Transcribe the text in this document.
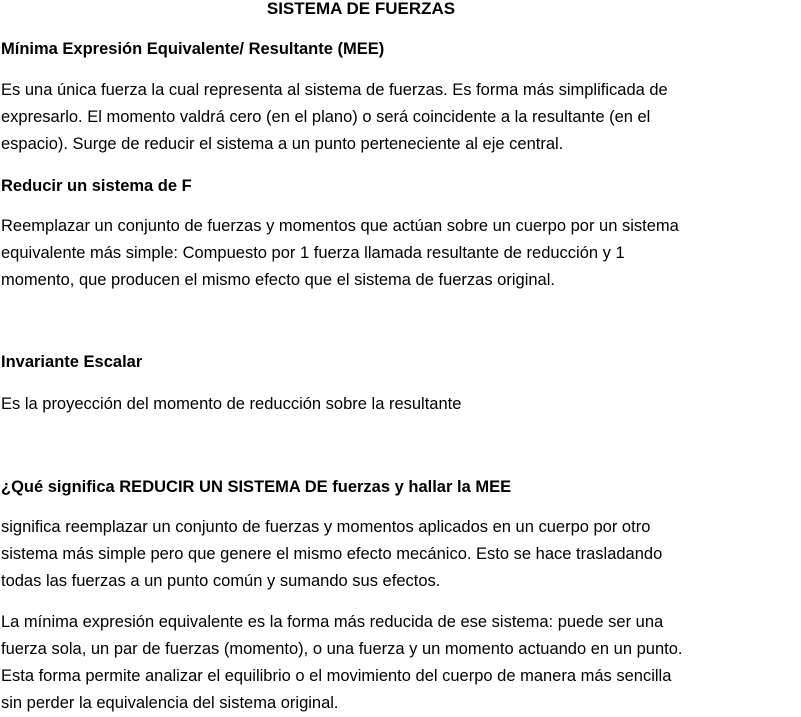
SISTEMA DE FUERZAS
Mínima Expresión Equivalente/ Resultante (MEE)

Es una única fuerza la cual representa al sistema de fuerzas. Es forma más simplificada de
expresarlo. El momento valdrá cero (en el plano) o será coincidente a la resultante (en el
espacio). Surge de reducir el sistema a un punto perteneciente al eje central.

Reducir un sistema de F

Reemplazar un conjunto de fuerzas y momentos que actúan sobre un cuerpo por un sistema
equivalente más simple: Compuesto por 1 fuerza llamada resultante de reducción y 1
momento, que producen el mismo efecto que el sistema de fuerzas original.

Invariante Escalar

Es la proyección del momento de reducción sobre la resultante

¿Qué significa REDUCIR UN SISTEMA DE fuerzas y hallar la MEE

significa reemplazar un conjunto de fuerzas y momentos aplicados en un cuerpo por otro
sistema más simple pero que genere el mismo efecto mecánico. Esto se hace trasladando
todas las fuerzas a un punto común y sumando sus efectos.

La mínima expresión equivalente es la forma más reducida de ese sistema: puede ser una
fuerza sola, un par de fuerzas (momento), o una fuerza y un momento actuando en un punto.
Esta forma permite analizar el equilibrio o el movimiento del cuerpo de manera más sencilla
sin perder la equivalencia del sistema original.
